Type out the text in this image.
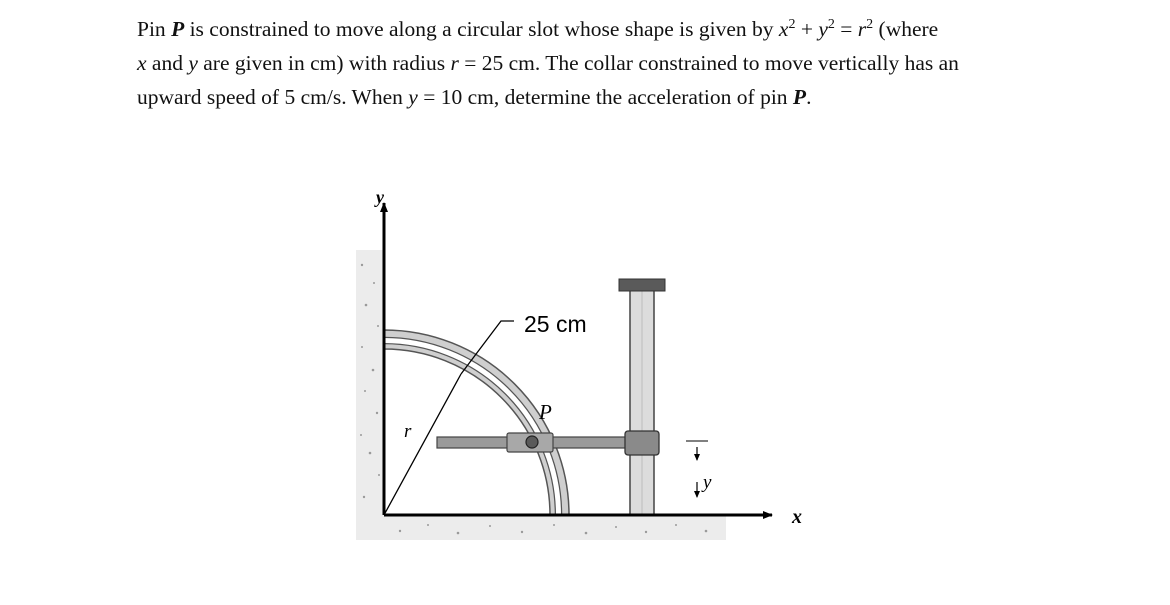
Pin P is constrained to move along a circular slot whose shape is given by $x^2 + y^2 = r^2$ (where
x and y are given in cm) with radius r = 25 cm. The collar constrained to move vertically has an
upward speed of 5 cm/s. When y = 10 cm, determine the acceleration of pin P.
y
x
r
25 cm
P
y
